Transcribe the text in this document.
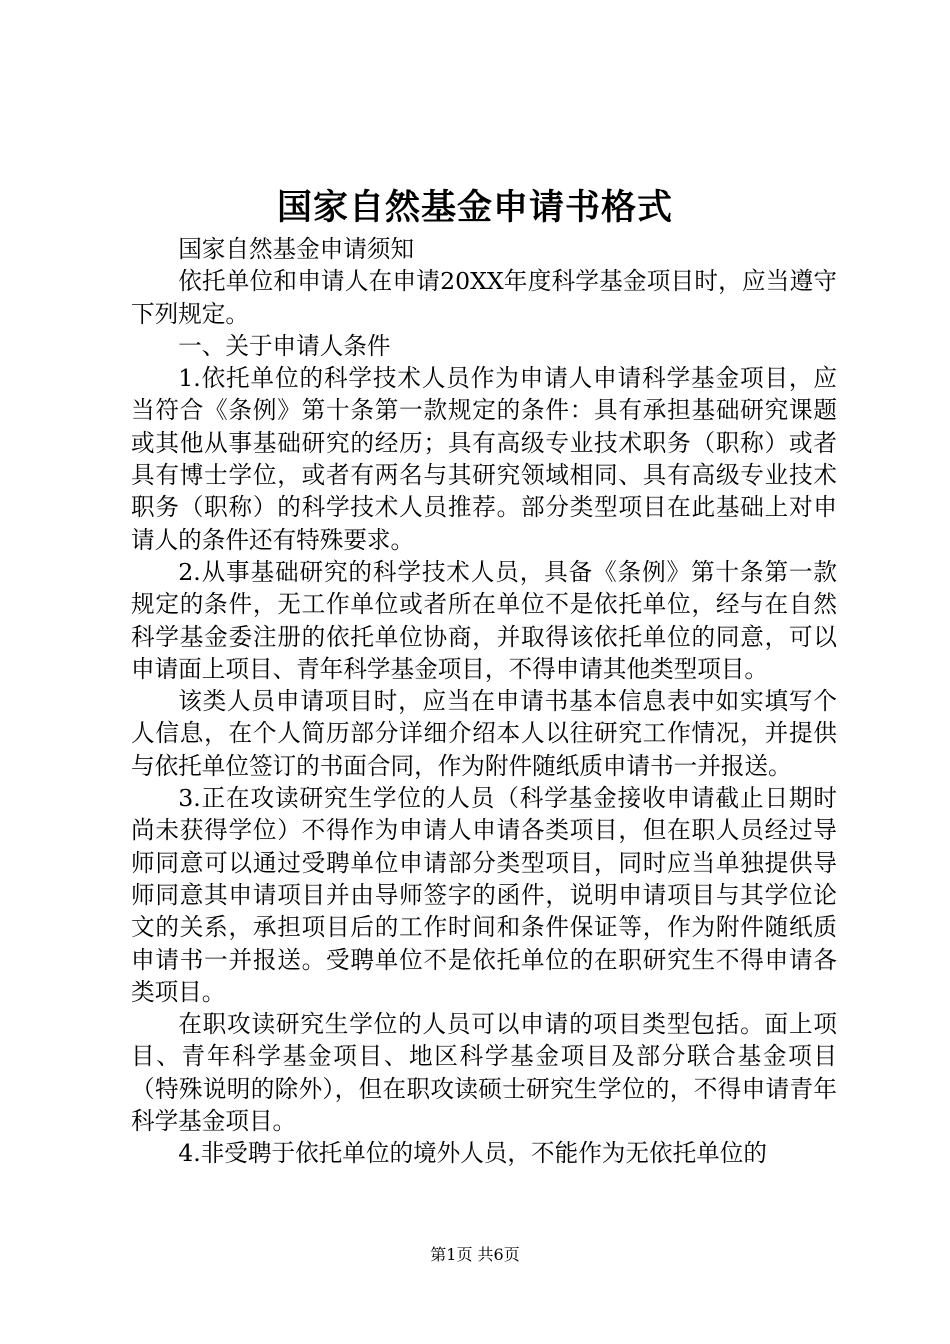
国家自然基金申请书格式

国家自然基金申请须知

依托单位和申请人在申请20XX年度科学基金项目时，应当遵守下列规定。

一、关于申请人条件

1.依托单位的科学技术人员作为申请人申请科学基金项目，应当符合《条例》第十条第一款规定的条件：具有承担基础研究课题或其他从事基础研究的经历；具有高级专业技术职务（职称）或者具有博士学位，或者有两名与其研究领域相同、具有高级专业技术职务（职称）的科学技术人员推荐。部分类型项目在此基础上对申请人的条件还有特殊要求。

2.从事基础研究的科学技术人员，具备《条例》第十条第一款规定的条件，无工作单位或者所在单位不是依托单位，经与在自然科学基金委注册的依托单位协商，并取得该依托单位的同意，可以申请面上项目、青年科学基金项目，不得申请其他类型项目。

该类人员申请项目时，应当在申请书基本信息表中如实填写个人信息，在个人简历部分详细介绍本人以往研究工作情况，并提供与依托单位签订的书面合同，作为附件随纸质申请书一并报送。

3.正在攻读研究生学位的人员（科学基金接收申请截止日期时尚未获得学位）不得作为申请人申请各类项目，但在职人员经过导师同意可以通过受聘单位申请部分类型项目，同时应当单独提供导师同意其申请项目并由导师签字的函件，说明申请项目与其学位论文的关系，承担项目后的工作时间和条件保证等，作为附件随纸质申请书一并报送。受聘单位不是依托单位的在职研究生不得申请各类项目。

在职攻读研究生学位的人员可以申请的项目类型包括。面上项目、青年科学基金项目、地区科学基金项目及部分联合基金项目（特殊说明的除外），但在职攻读硕士研究生学位的，不得申请青年科学基金项目。

4.非受聘于依托单位的境外人员，不能作为无依托单位的

第1页 共6页
